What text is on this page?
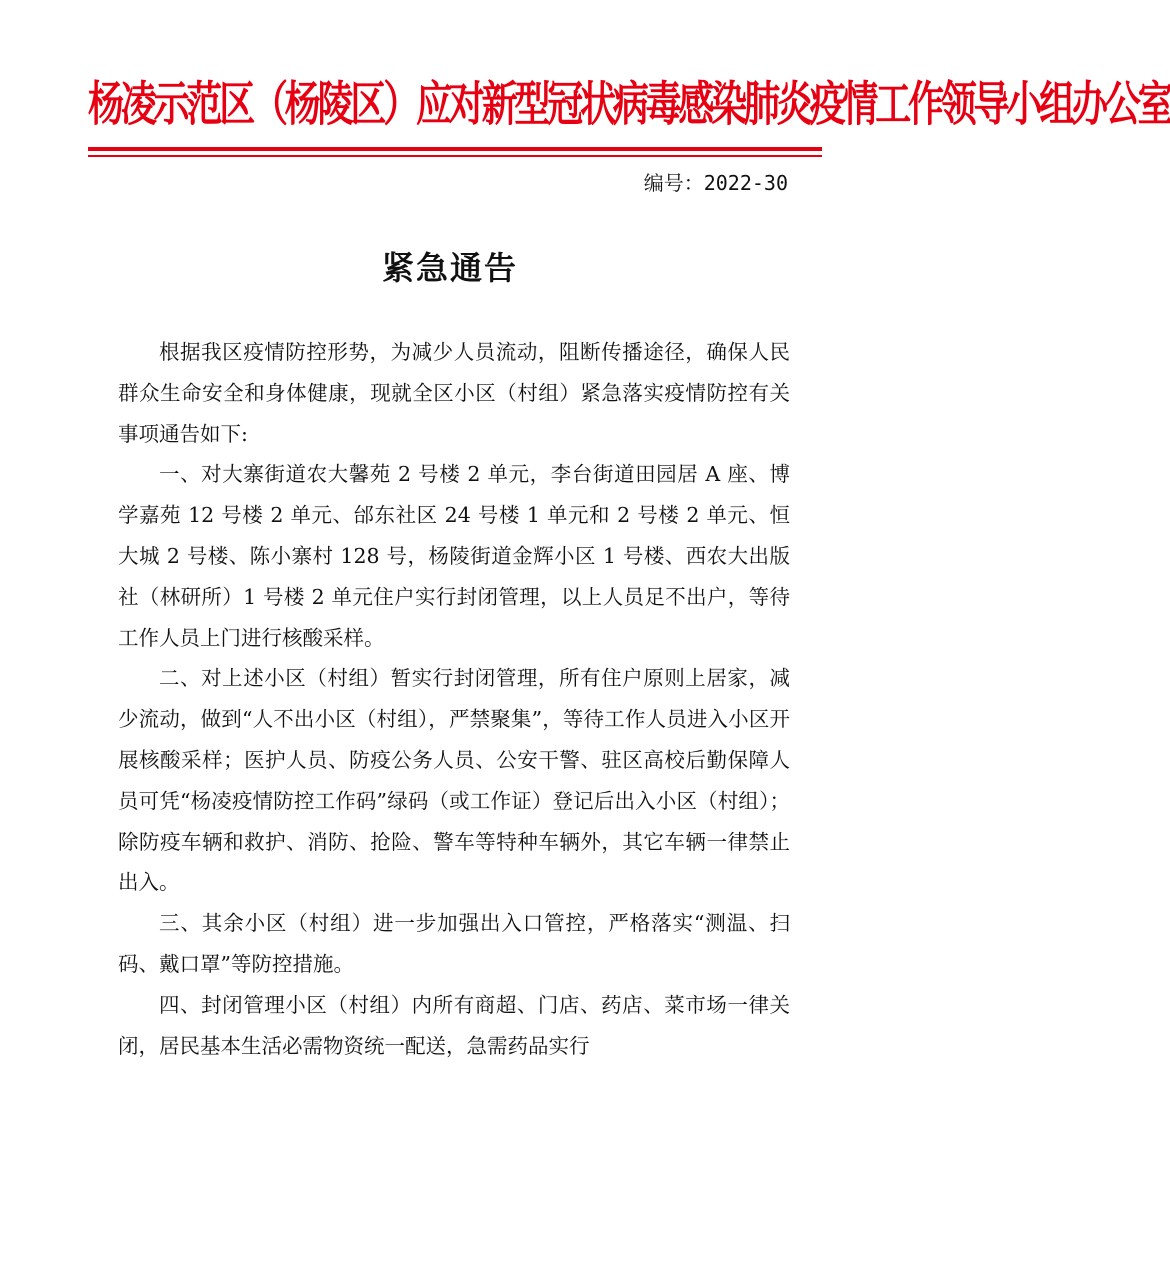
杨凌示范区（杨陵区）应对新型冠状病毒感染肺炎疫情工作领导小组办公室
编号：2022-30
紧急通告

根据我区疫情防控形势，为减少人员流动，阻断传播途径，确保人民群众生命安全和身体健康，现就全区小区（村组）紧急落实疫情防控有关事项通告如下:

一、对大寨街道农大馨苑 2 号楼 2 单元，李台街道田园居 A 座、博学嘉苑 12 号楼 2 单元、邰东社区 24 号楼 1 单元和 2 号楼 2 单元、恒大城 2 号楼、陈小寨村 128 号，杨陵街道金辉小区 1 号楼、西农大出版社（林研所）1 号楼 2 单元住户实行封闭管理，以上人员足不出户，等待工作人员上门进行核酸采样。

二、对上述小区（村组）暂实行封闭管理，所有住户原则上居家，减少流动，做到“人不出小区（村组），严禁聚集”，等待工作人员进入小区开展核酸采样；医护人员、防疫公务人员、公安干警、驻区高校后勤保障人员可凭“杨凌疫情防控工作码”绿码（或工作证）登记后出入小区（村组）；除防疫车辆和救护、消防、抢险、警车等特种车辆外，其它车辆一律禁止出入。

三、其余小区（村组）进一步加强出入口管控，严格落实“测温、扫码、戴口罩”等防控措施。

四、封闭管理小区（村组）内所有商超、门店、药店、菜市场一律关闭，居民基本生活必需物资统一配送，急需药品实行
